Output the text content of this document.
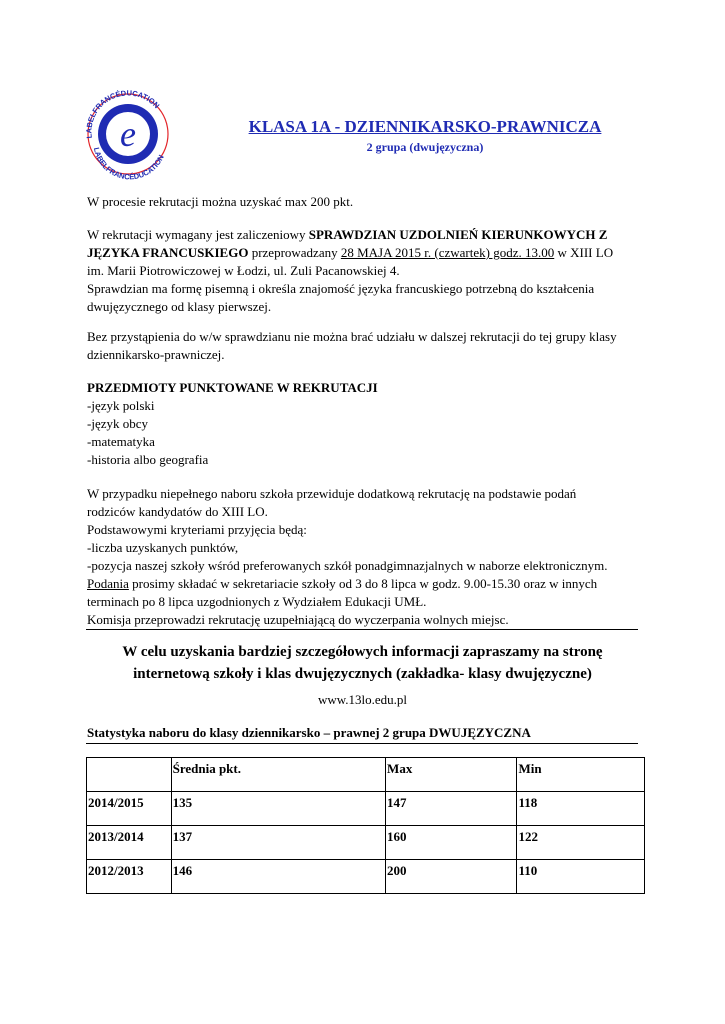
e
LABELFRANCÉDUCATION
LABELFRANCÉDUCATION
KLASA 1A - DZIENNIKARSKO-PRAWNICZA
2 grupa (dwujęzyczna)
W procesie rekrutacji można uzyskać max 200 pkt.
W rekrutacji wymagany jest zaliczeniowy SPRAWDZIAN UZDOLNIEŃ KIERUNKOWYCH Z
JĘZYKA FRANCUSKIEGO przeprowadzany 28 MAJA 2015 r. (czwartek) godz. 13.00 w XIII LO
im. Marii Piotrowiczowej w Łodzi, ul. Zuli Pacanowskiej 4.
Sprawdzian ma formę pisemną i określa znajomość języka francuskiego potrzebną do kształcenia
dwujęzycznego od klasy pierwszej.
Bez przystąpienia do w/w sprawdzianu nie można brać udziału w dalszej rekrutacji do tej grupy klasy
dziennikarsko-prawniczej.
PRZEDMIOTY PUNKTOWANE W REKRUTACJI
-język polski
-język obcy
-matematyka
-historia albo geografia
W przypadku niepełnego naboru szkoła przewiduje dodatkową rekrutację na podstawie podań
rodziców kandydatów do XIII LO.
Podstawowymi kryteriami przyjęcia będą:
-liczba uzyskanych punktów,
-pozycja naszej szkoły wśród preferowanych szkół ponadgimnazjalnych w naborze elektronicznym.
Podania prosimy składać w sekretariacie szkoły od 3 do 8 lipca w godz. 9.00-15.30 oraz w innych
terminach po 8 lipca uzgodnionych z Wydziałem Edukacji UMŁ.
Komisja przeprowadzi rekrutację uzupełniającą do wyczerpania wolnych miejsc.
W celu uzyskania bardziej szczegółowych informacji zapraszamy na stronę
internetową szkoły i klas dwujęzycznych (zakładka- klasy dwujęzyczne)
www.13lo.edu.pl
Statystyka naboru do klasy dziennikarsko – prawnej 2 grupa DWUJĘZYCZNA
	Średnia pkt.	Max	Min
2014/2015	135	147	118
2013/2014	137	160	122
2012/2013	146	200	110
